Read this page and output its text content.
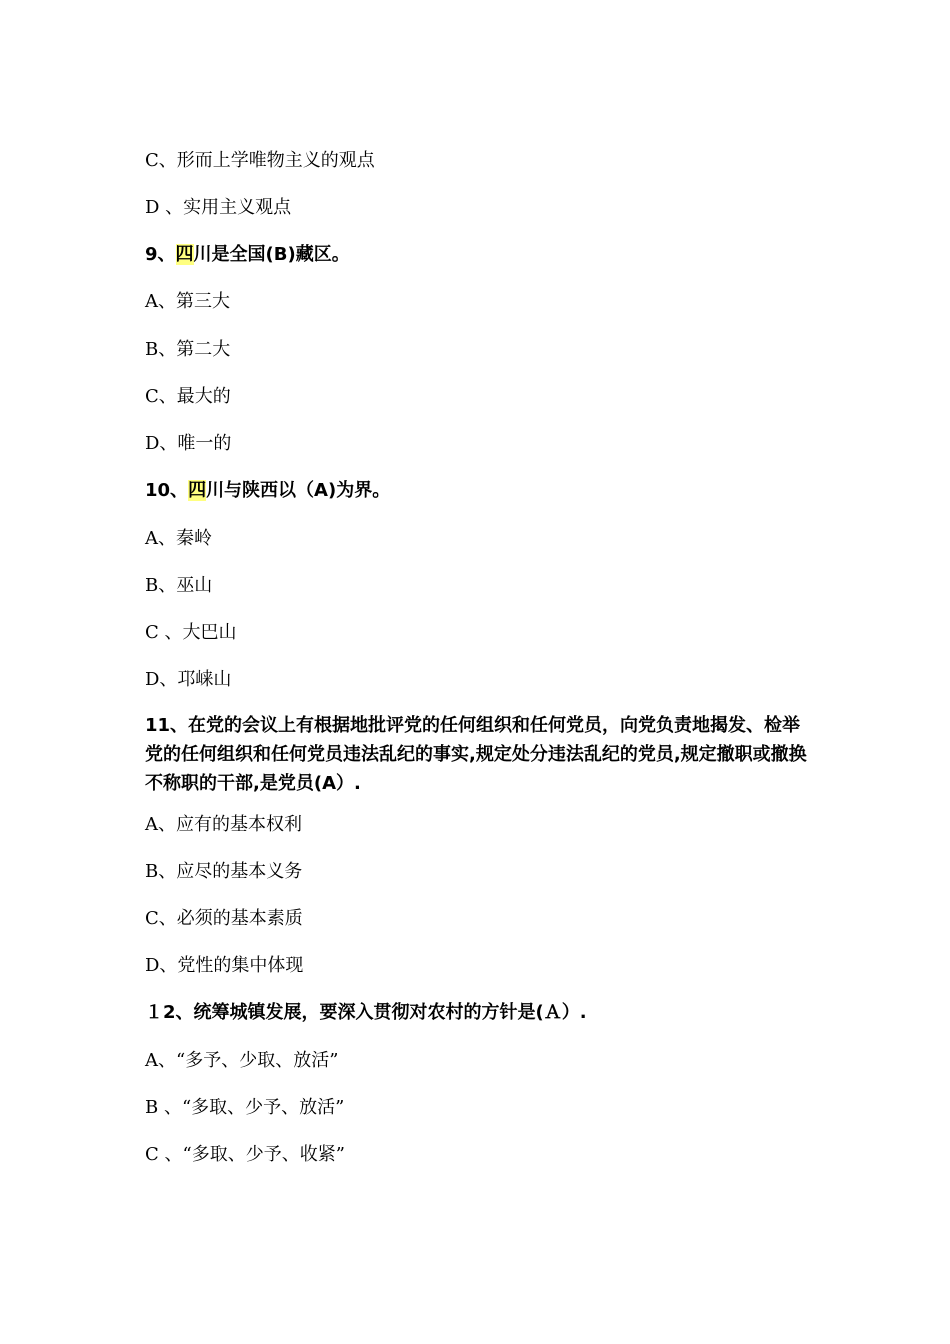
C、形而上学唯物主义的观点
D 、实用主义观点
9、四川是全国(B)藏区。
A、第三大
B、第二大
C、最大的
D、唯一的
10、四川与陕西以（A)为界。
A、秦岭
B、巫山
C 、大巴山
D、邛崃山
11、在党的会议上有根据地批评党的任何组织和任何党员，向党负责地揭发、检举党的任何组织和任何党员违法乱纪的事实,规定处分违法乱纪的党员,规定撤职或撤换不称职的干部,是党员(A）.
A、应有的基本权利
B、应尽的基本义务
C、必须的基本素质
D、党性的集中体现
１2、统筹城镇发展，要深入贯彻对农村的方针是(Ａ）.
A、“多予、少取、放活”
B 、“多取、少予、放活”
C 、“多取、少予、收紧”
